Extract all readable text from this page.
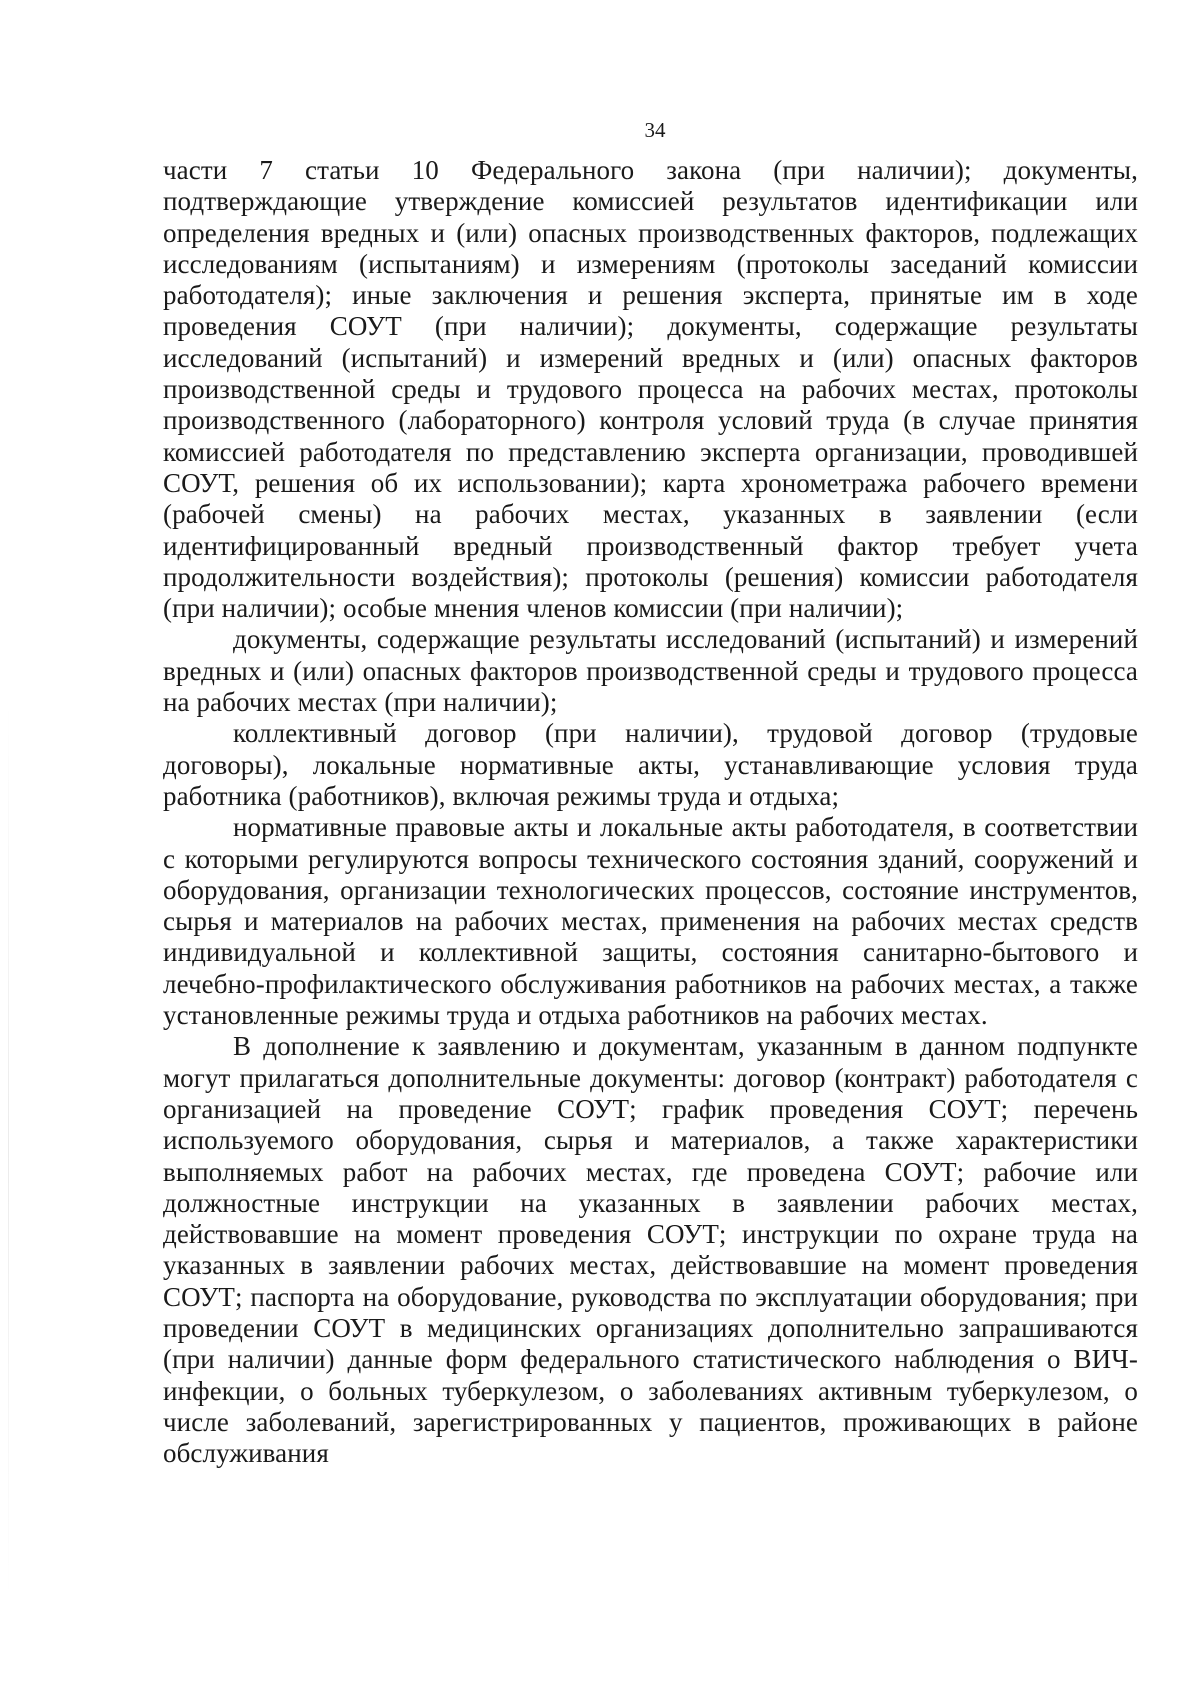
34

части 7 статьи 10 Федерального закона (при наличии); документы, подтверждающие утверждение комиссией результатов идентификации или определения вредных и (или) опасных производственных факторов, подлежащих исследованиям (испытаниям) и измерениям (протоколы заседаний комиссии работодателя); иные заключения и решения эксперта, принятые им в ходе проведения СОУТ (при наличии); документы, содержащие результаты исследований (испытаний) и измерений вредных и (или) опасных факторов производственной среды и трудового процесса на рабочих местах, протоколы производственного (лабораторного) контроля условий труда (в случае принятия комиссией работодателя по представлению эксперта организации, проводившей СОУТ, решения об их использовании); карта хронометража рабочего времени (рабочей смены) на рабочих местах, указанных в заявлении (если идентифицированный вредный производственный фактор требует учета продолжительности воздействия); протоколы (решения) комиссии работодателя (при наличии); особые мнения членов комиссии (при наличии);

документы, содержащие результаты исследований (испытаний) и измерений вредных и (или) опасных факторов производственной среды и трудового процесса на рабочих местах (при наличии);

коллективный договор (при наличии), трудовой договор (трудовые договоры), локальные нормативные акты, устанавливающие условия труда работника (работников), включая режимы труда и отдыха;

нормативные правовые акты и локальные акты работодателя, в соответствии с которыми регулируются вопросы технического состояния зданий, сооружений и оборудования, организации технологических процессов, состояние инструментов, сырья и материалов на рабочих местах, применения на рабочих местах средств индивидуальной и коллективной защиты, состояния санитарно-бытового и лечебно-профилактического обслуживания работников на рабочих местах, а также установленные режимы труда и отдыха работников на рабочих местах.

В дополнение к заявлению и документам, указанным в данном подпункте могут прилагаться дополнительные документы: договор (контракт) работодателя с организацией на проведение СОУТ; график проведения СОУТ; перечень используемого оборудования, сырья и материалов, а также характеристики выполняемых работ на рабочих местах, где проведена СОУТ; рабочие или должностные инструкции на указанных в заявлении рабочих местах, действовавшие на момент проведения СОУТ; инструкции по охране труда на указанных в заявлении рабочих местах, действовавшие на момент проведения СОУТ; паспорта на оборудование, руководства по эксплуатации оборудования; при проведении СОУТ в медицинских организациях дополнительно запрашиваются (при наличии) данные форм федерального статистического наблюдения о ВИЧ-инфекции, о больных туберкулезом, о заболеваниях активным туберкулезом, о числе заболеваний, зарегистрированных у пациентов, проживающих в районе обслуживания
